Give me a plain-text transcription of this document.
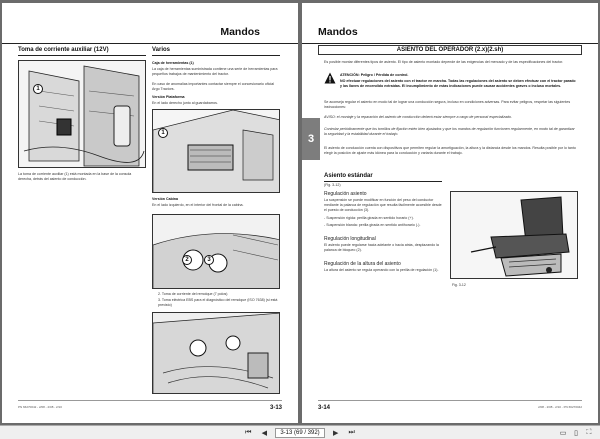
Mandos
Toma de corriente auxiliar (12V)	Varios
1
La toma de corriente auxiliar (1) está montada en la base de la consola derecha, detrás del asiento de conducción.
Caja de herramientas (1)
La caja de herramientas suministrada contiene una serie de herramientas para pequeños trabajos de mantenimiento del tractor.
En caso de anomalías importantes contactar siempre el concesionario oficial Argo Tractors.
Versión Plataforma
En el lado derecho junto al guardabarros.
1
Versión Cabina
En el lado izquierdo, en el interior del frontal de la cabina.
2	3
2. Toma de corriente del remolque (7 polos)
3. Toma eléctrica EBS para el diagnóstico del remolque (ISO 7638) (si está previsto)
PN 66270042 - 2/08 - 2/08 - 2/10	3-13
3
Mandos
ASIENTO DEL OPERADOR (2.x)(2.sh)
Es posible montar diferentes tipos de asiento. El tipo de asiento montado depende de las exigencias del mercado y de las especificaciones del tractor.
ATENCIÓN: Peligro / Pérdida de control.
NO efectuar regulaciones del asiento con el tractor en marcha. Todas las regulaciones del asiento se deben efectuar con el tractor parado y las llaves de encendido extraídas. El incumplimiento de estas indicaciones puede causar accidentes graves o incluso mortales.
Se aconseja regular el asiento en modo tal de lograr una conducción segura, incluso en condiciones adversas. Para evitar peligros, respetar las siguientes instrucciones:
AVISO: el montaje y la reparación del asiento de conducción deberá estar siempre a cargo de personal especializado.
Controlar periódicamente que los tornillos de fijación estén bien ajustados y que los mandos de regulación funcionen regularmente, en modo tal de garantizar la seguridad y la estabilidad durante el trabajo.
El asiento de conducción cuenta con dispositivos que permiten regular la amortiguación, la altura y la distancia desde los mandos. Resulta posible por lo tanto elegir la posición de ajuste más idónea para la conducción y variarla durante el trabajo.
Asiento estándar
(Fig. 3-12)
Regulación asiento
La suspensión se puede modificar en función del peso del conductor mediante la palanca de regulación que resulta fácilmente accesible desde el puesto de conducción (3).
- Suspensión rígida: perilla girada en sentido horario (+).
- Suspensión blanda: perilla girada en sentido antihorario (-).
Regulación longitudinal
El asiento puede regularse hacia adelante o hacia atrás, desplazando la palanca de bloqueo (2).
Regulación de la altura del asiento
La altura del asiento se regula operando con la perilla de regulación (1).
Fig. 3-12
3-14	2/08 - 2/08 - 2/10 - PN 66270042
⏮	◀	3-13 (69 / 392)	▶	⏭	▭	▯	⛶
